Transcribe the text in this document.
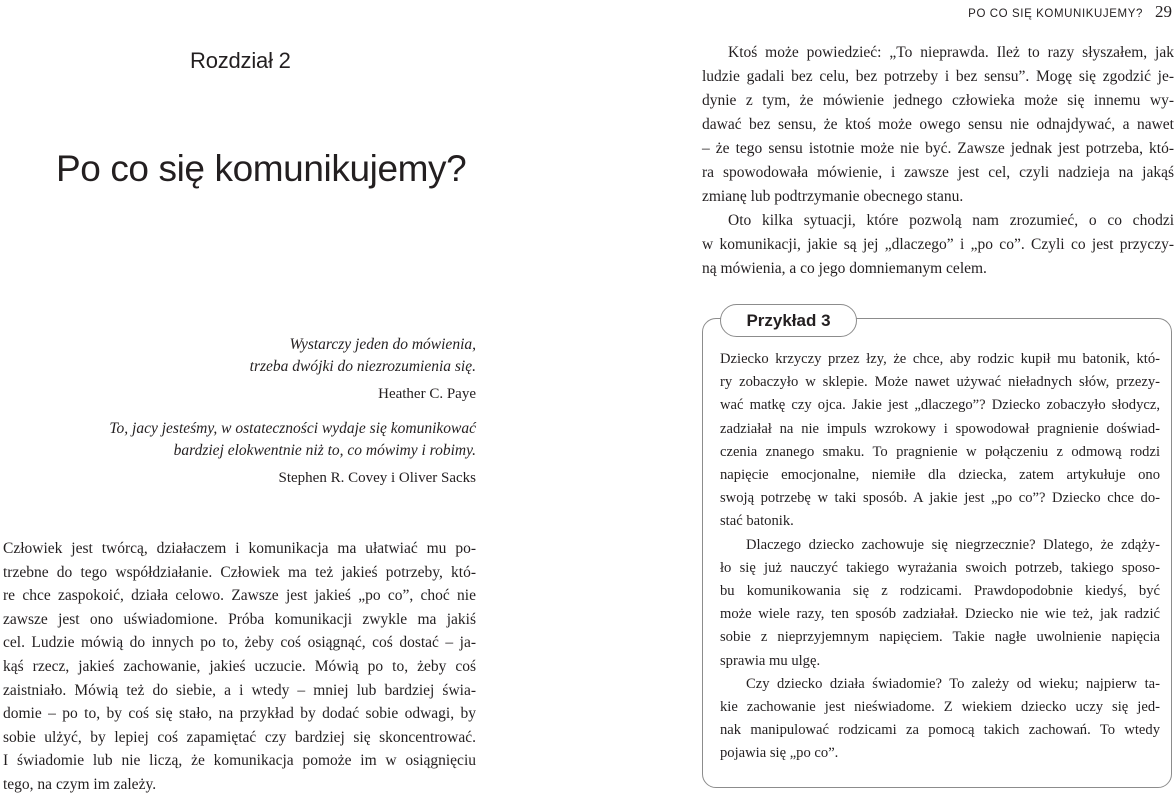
Rozdział 2
Po co się komunikujemy?
Wystarczy jeden do mówienia,
trzeba dwójki do niezrozumienia się.
Heather C. Paye
To, jacy jesteśmy, w ostateczności wydaje się komunikować
bardziej elokwentnie niż to, co mówimy i robimy.
Stephen R. Covey i Oliver Sacks
Człowiek jest twórcą, działaczem i komunikacja ma ułatwiać mu po-
trzebne do tego współdziałanie. Człowiek ma też jakieś potrzeby, któ-
re chce zaspokoić, działa celowo. Zawsze jest jakieś „po co”, choć nie
zawsze jest ono uświadomione. Próba komunikacji zwykle ma jakiś
cel. Ludzie mówią do innych po to, żeby coś osiągnąć, coś dostać – ja-
kąś rzecz, jakieś zachowanie, jakieś uczucie. Mówią po to, żeby coś
zaistniało. Mówią też do siebie, a i wtedy – mniej lub bardziej świa-
domie – po to, by coś się stało, na przykład by dodać sobie odwagi, by
sobie ulżyć, by lepiej coś zapamiętać czy bardziej się skoncentrować.
I świadomie lub nie liczą, że komunikacja pomoże im w osiągnięciu
tego, na czym im zależy.
PO CO SIĘ KOMUNIKUJEMY? 29
Ktoś może powiedzieć: „To nieprawda. Ileż to razy słyszałem, jak
ludzie gadali bez celu, bez potrzeby i bez sensu”. Mogę się zgodzić je-
dynie z tym, że mówienie jednego człowieka może się innemu wy-
dawać bez sensu, że ktoś może owego sensu nie odnajdywać, a nawet
– że tego sensu istotnie może nie być. Zawsze jednak jest potrzeba, któ-
ra spowodowała mówienie, i zawsze jest cel, czyli nadzieja na jakąś
zmianę lub podtrzymanie obecnego stanu.
Oto kilka sytuacji, które pozwolą nam zrozumieć, o co chodzi
w komunikacji, jakie są jej „dlaczego” i „po co”. Czyli co jest przyczy-
ną mówienia, a co jego domniemanym celem.
Przykład 3
Dziecko krzyczy przez łzy, że chce, aby rodzic kupił mu batonik, któ-
ry zobaczyło w sklepie. Może nawet używać nieładnych słów, przezy-
wać matkę czy ojca. Jakie jest „dlaczego”? Dziecko zobaczyło słodycz,
zadziałał na nie impuls wzrokowy i spowodował pragnienie doświad-
czenia znanego smaku. To pragnienie w połączeniu z odmową rodzi
napięcie emocjonalne, niemiłe dla dziecka, zatem artykułuje ono
swoją potrzebę w taki sposób. A jakie jest „po co”? Dziecko chce do-
stać batonik.
Dlaczego dziecko zachowuje się niegrzecznie? Dlatego, że zdąży-
ło się już nauczyć takiego wyrażania swoich potrzeb, takiego sposo-
bu komunikowania się z rodzicami. Prawdopodobnie kiedyś, być
może wiele razy, ten sposób zadziałał. Dziecko nie wie też, jak radzić
sobie z nieprzyjemnym napięciem. Takie nagłe uwolnienie napięcia
sprawia mu ulgę.
Czy dziecko działa świadomie? To zależy od wieku; najpierw ta-
kie zachowanie jest nieświadome. Z wiekiem dziecko uczy się jed-
nak manipulować rodzicami za pomocą takich zachowań. To wtedy
pojawia się „po co”.
